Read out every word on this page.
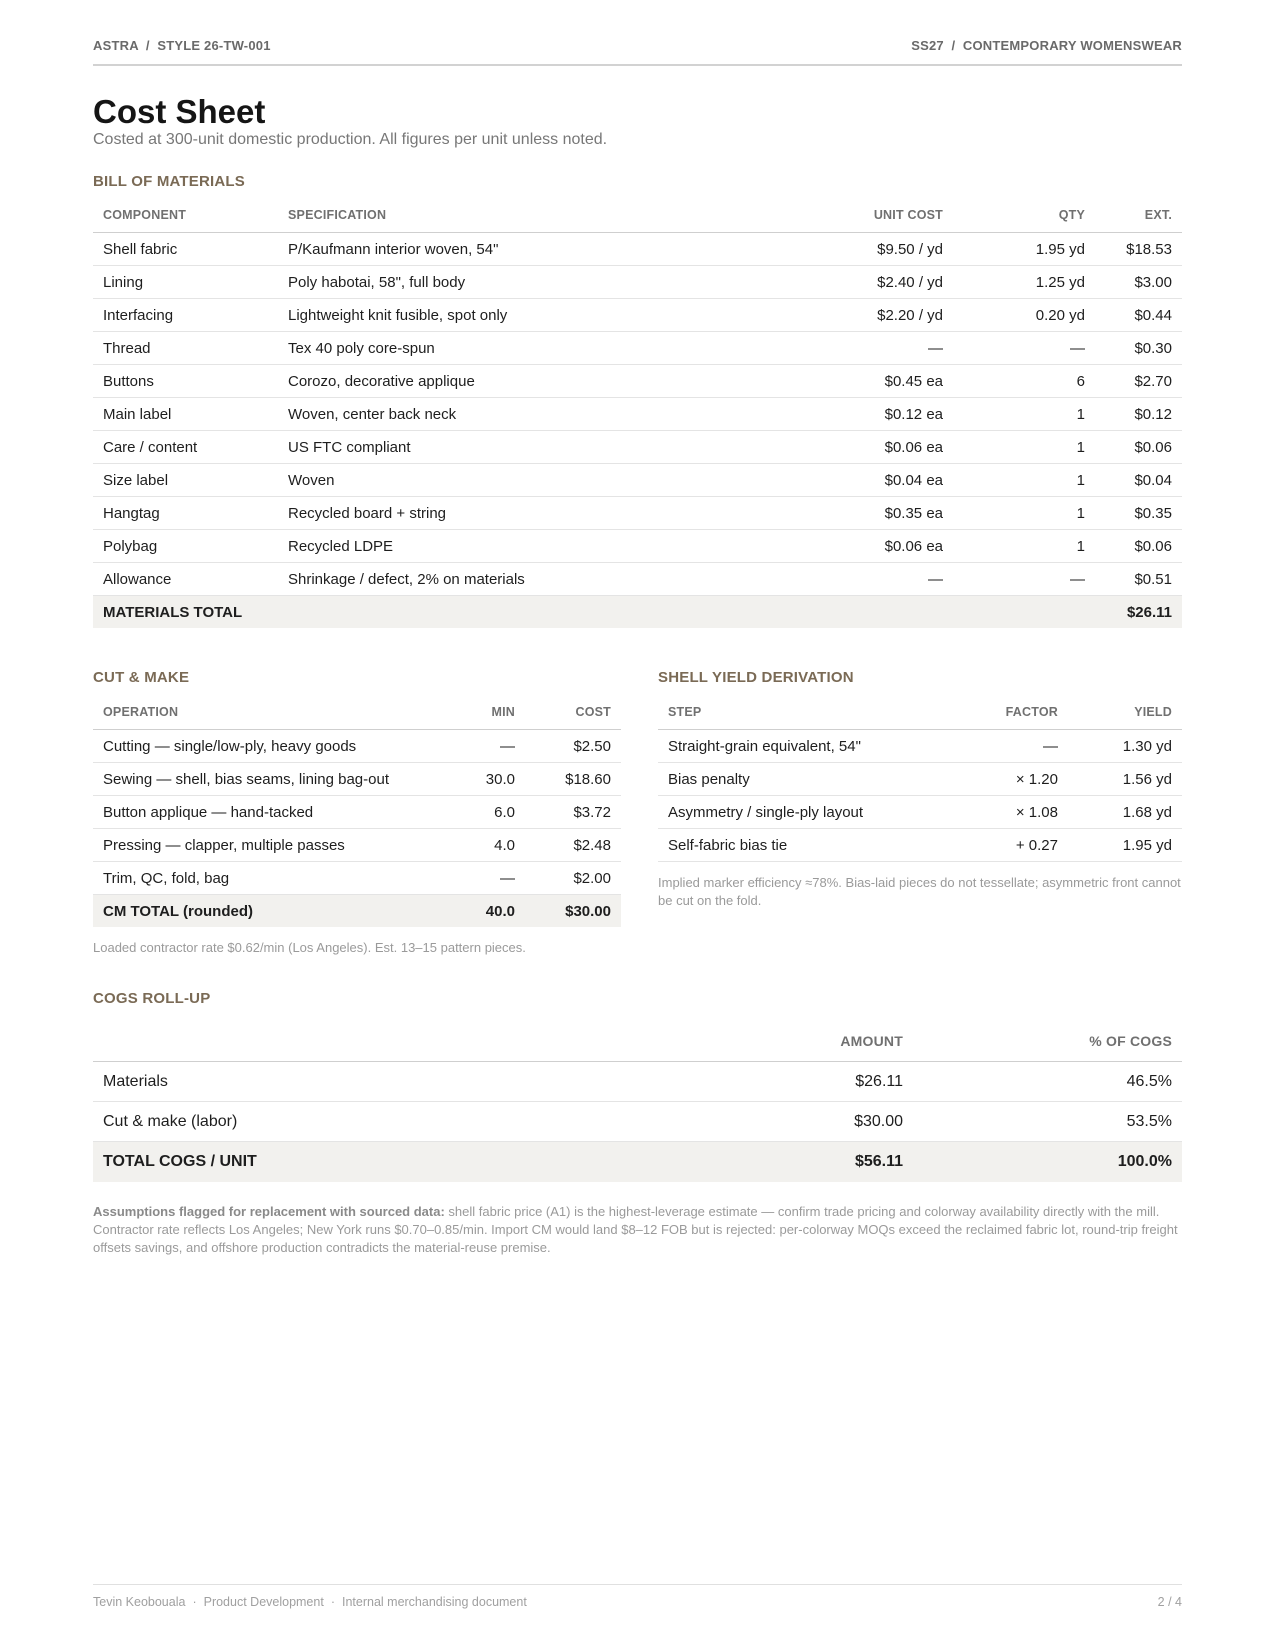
ASTRA  /  STYLE 26-TW-001	SS27  /  CONTEMPORARY WOMENSWEAR
Cost Sheet
Costed at 300-unit domestic production. All figures per unit unless noted.
BILL OF MATERIALS
COMPONENT	SPECIFICATION	UNIT COST	QTY	EXT.
Shell fabric	P/Kaufmann interior woven, 54"	$9.50 / yd	1.95 yd	$18.53
Lining	Poly habotai, 58", full body	$2.40 / yd	1.25 yd	$3.00
Interfacing	Lightweight knit fusible, spot only	$2.20 / yd	0.20 yd	$0.44
Thread	Tex 40 poly core-spun	—	—	$0.30
Buttons	Corozo, decorative applique	$0.45 ea	6	$2.70
Main label	Woven, center back neck	$0.12 ea	1	$0.12
Care / content	US FTC compliant	$0.06 ea	1	$0.06
Size label	Woven	$0.04 ea	1	$0.04
Hangtag	Recycled board + string	$0.35 ea	1	$0.35
Polybag	Recycled LDPE	$0.06 ea	1	$0.06
Allowance	Shrinkage / defect, 2% on materials	—	—	$0.51
MATERIALS TOTAL				$26.11
CUT & MAKE
OPERATION	MIN	COST
Cutting — single/low-ply, heavy goods	—	$2.50
Sewing — shell, bias seams, lining bag-out	30.0	$18.60
Button applique — hand-tacked	6.0	$3.72
Pressing — clapper, multiple passes	4.0	$2.48
Trim, QC, fold, bag	—	$2.00
CM TOTAL (rounded)	40.0	$30.00
Loaded contractor rate $0.62/min (Los Angeles). Est. 13–15 pattern pieces.
SHELL YIELD DERIVATION
STEP	FACTOR	YIELD
Straight-grain equivalent, 54"	—	1.30 yd
Bias penalty	× 1.20	1.56 yd
Asymmetry / single-ply layout	× 1.08	1.68 yd
Self-fabric bias tie	+ 0.27	1.95 yd
Implied marker efficiency ≈78%. Bias-laid pieces do not tessellate; asymmetric front cannot be cut on the fold.
COGS ROLL-UP
	AMOUNT	% OF COGS
Materials	$26.11	46.5%
Cut & make (labor)	$30.00	53.5%
TOTAL COGS / UNIT	$56.11	100.0%
Assumptions flagged for replacement with sourced data: shell fabric price (A1) is the highest-leverage estimate — confirm trade pricing and colorway availability directly with the mill. Contractor rate reflects Los Angeles; New York runs $0.70–0.85/min. Import CM would land $8–12 FOB but is rejected: per-colorway MOQs exceed the reclaimed fabric lot, round-trip freight offsets savings, and offshore production contradicts the material-reuse premise.
Tevin Keobouala · Product Development · Internal merchandising document	2 / 4
